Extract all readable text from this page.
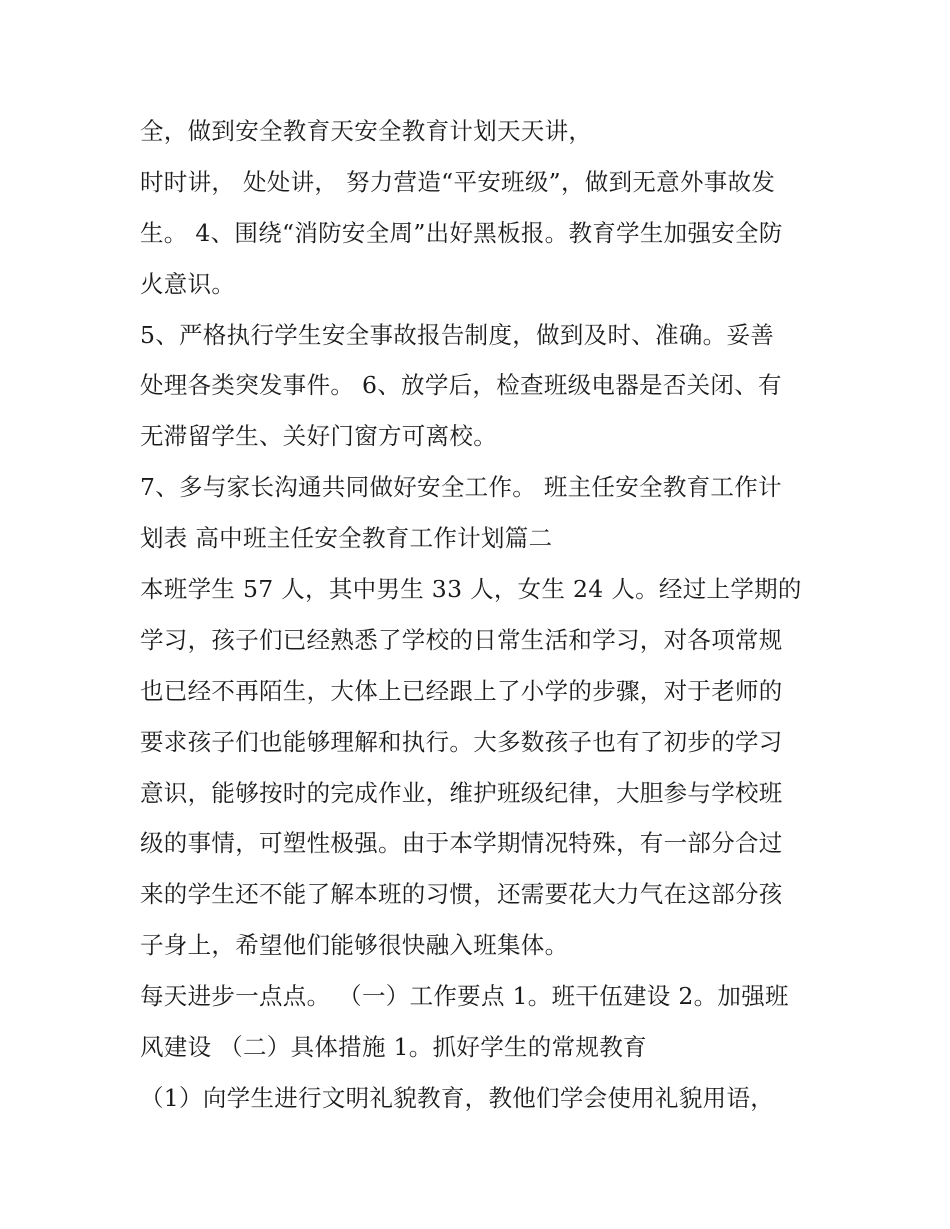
全，做到安全教育天安全教育计划天天讲，
时时讲， 处处讲， 努力营造“平安班级”，做到无意外事故发
生。 4、围绕“消防安全周”出好黑板报。教育学生加强安全防
火意识。
5、严格执行学生安全事故报告制度，做到及时、准确。妥善
处理各类突发事件。 6、放学后，检查班级电器是否关闭、有
无滞留学生、关好门窗方可离校。
7、多与家长沟通共同做好安全工作。 班主任安全教育工作计
划表 高中班主任安全教育工作计划篇二
本班学生 57 人，其中男生 33 人，女生 24 人。经过上学期的
学习，孩子们已经熟悉了学校的日常生活和学习，对各项常规
也已经不再陌生，大体上已经跟上了小学的步骤，对于老师的
要求孩子们也能够理解和执行。大多数孩子也有了初步的学习
意识，能够按时的完成作业，维护班级纪律，大胆参与学校班
级的事情，可塑性极强。由于本学期情况特殊，有一部分合过
来的学生还不能了解本班的习惯，还需要花大力气在这部分孩
子身上，希望他们能够很快融入班集体。
每天进步一点点。 （一）工作要点 1。班干伍建设 2。加强班
风建设 （二）具体措施 1。抓好学生的常规教育
（1）向学生进行文明礼貌教育，教他们学会使用礼貌用语，
